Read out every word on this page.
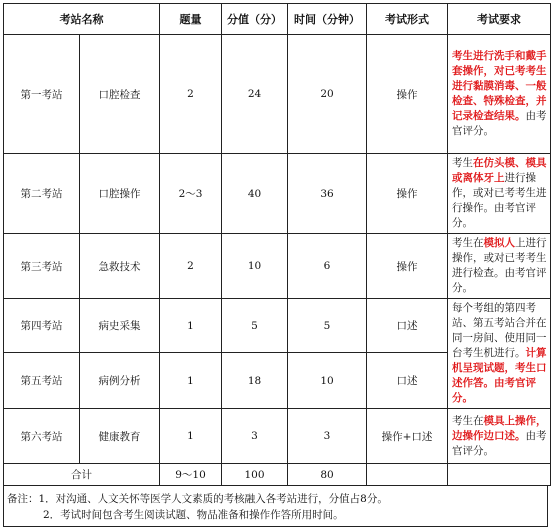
考站名称		题量	分值（分）	时间（分钟）	考试形式	考试要求
第一考站	口腔检查	2	24	20	操作	考生进行洗手和戴手套操作，对已考考生进行黏膜消毒、一般检查、特殊检查，并记录检查结果。由考官评分。
第二考站	口腔操作	2～3	40	36	操作	考生在仿头模、模具或离体牙上进行操作，或对已考考生进行操作。由考官评分。
第三考站	急救技术	2	10	6	操作	考生在模拟人上进行操作，或对已考考生进行检查。由考官评分。
第四考站	病史采集	1	5	5	口述	每个考组的第四考站、第五考站合并在同一房间、使用同一台考生机进行。计算机呈现试题，考生口述作答。由考官评分。
第五考站	病例分析	1	18	10	口述	
第六考站	健康教育	1	3	3	操作+口述	考生在模具上操作，边操作边口述。由考官评分。
合计		9～10	100	80		
备注：1．对沟通、人文关怀等医学人文素质的考核融入各考站进行，分值占8分。
2．考试时间包含考生阅读试题、物品准备和操作作答所用时间。
